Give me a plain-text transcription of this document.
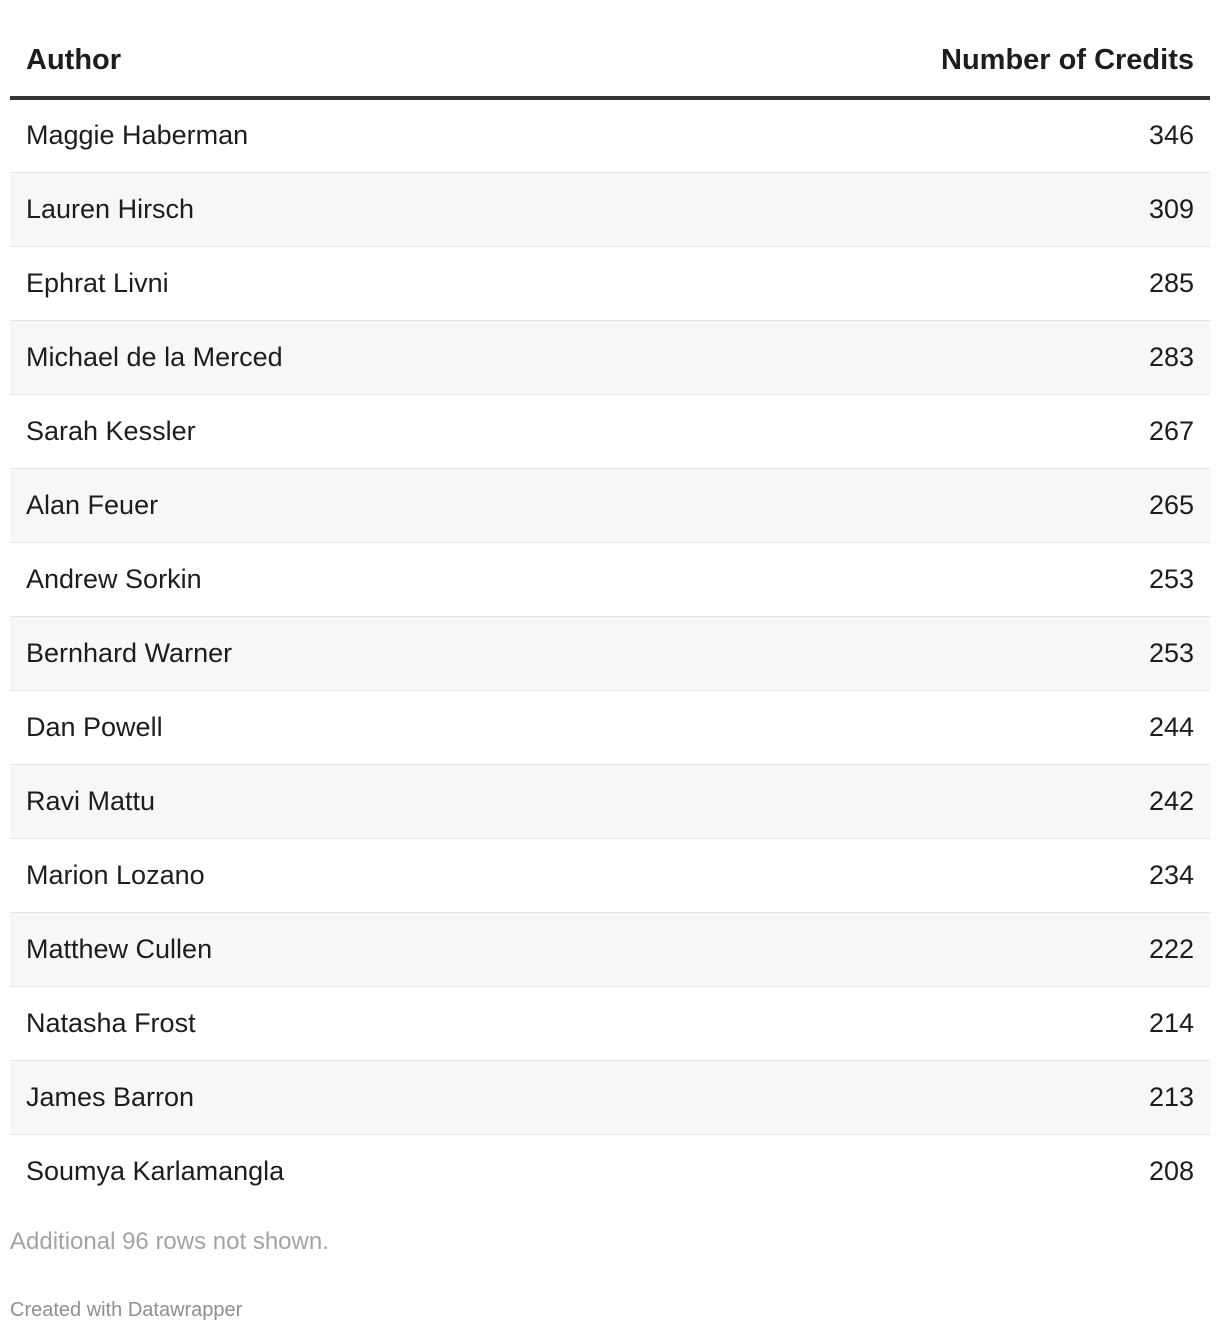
Author	Number of Credits
Maggie Haberman	346
Lauren Hirsch	309
Ephrat Livni	285
Michael de la Merced	283
Sarah Kessler	267
Alan Feuer	265
Andrew Sorkin	253
Bernhard Warner	253
Dan Powell	244
Ravi Mattu	242
Marion Lozano	234
Matthew Cullen	222
Natasha Frost	214
James Barron	213
Soumya Karlamangla	208
Additional 96 rows not shown.
Created with Datawrapper
